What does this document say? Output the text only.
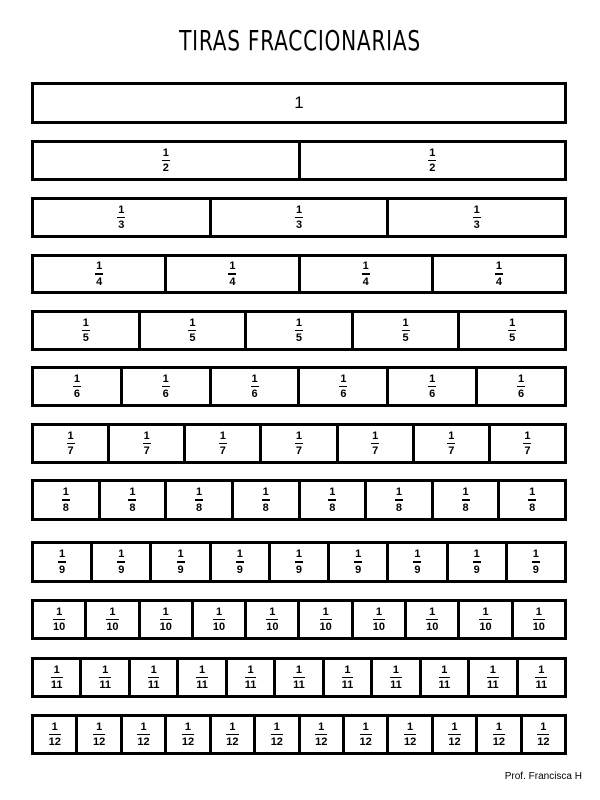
TIRAS FRACCIONARIAS
1
$\frac{1}{2}$	$\frac{1}{2}$
$\frac{1}{3}$	$\frac{1}{3}$	$\frac{1}{3}$
$\frac{1}{4}$	$\frac{1}{4}$	$\frac{1}{4}$	$\frac{1}{4}$
$\frac{1}{5}$	$\frac{1}{5}$	$\frac{1}{5}$	$\frac{1}{5}$	$\frac{1}{5}$
$\frac{1}{6}$	$\frac{1}{6}$	$\frac{1}{6}$	$\frac{1}{6}$	$\frac{1}{6}$	$\frac{1}{6}$
$\frac{1}{7}$	$\frac{1}{7}$	$\frac{1}{7}$	$\frac{1}{7}$	$\frac{1}{7}$	$\frac{1}{7}$	$\frac{1}{7}$
$\frac{1}{8}$	$\frac{1}{8}$	$\frac{1}{8}$	$\frac{1}{8}$	$\frac{1}{8}$	$\frac{1}{8}$	$\frac{1}{8}$	$\frac{1}{8}$
$\frac{1}{9}$	$\frac{1}{9}$	$\frac{1}{9}$	$\frac{1}{9}$	$\frac{1}{9}$	$\frac{1}{9}$	$\frac{1}{9}$	$\frac{1}{9}$	$\frac{1}{9}$
$\frac{1}{10}$	$\frac{1}{10}$	$\frac{1}{10}$	$\frac{1}{10}$	$\frac{1}{10}$	$\frac{1}{10}$	$\frac{1}{10}$	$\frac{1}{10}$	$\frac{1}{10}$	$\frac{1}{10}$
$\frac{1}{11}$	$\frac{1}{11}$	$\frac{1}{11}$	$\frac{1}{11}$	$\frac{1}{11}$	$\frac{1}{11}$	$\frac{1}{11}$	$\frac{1}{11}$	$\frac{1}{11}$	$\frac{1}{11}$	$\frac{1}{11}$
$\frac{1}{12}$	$\frac{1}{12}$	$\frac{1}{12}$	$\frac{1}{12}$	$\frac{1}{12}$	$\frac{1}{12}$	$\frac{1}{12}$	$\frac{1}{12}$	$\frac{1}{12}$	$\frac{1}{12}$	$\frac{1}{12}$	$\frac{1}{12}$
Prof. Francisca H
